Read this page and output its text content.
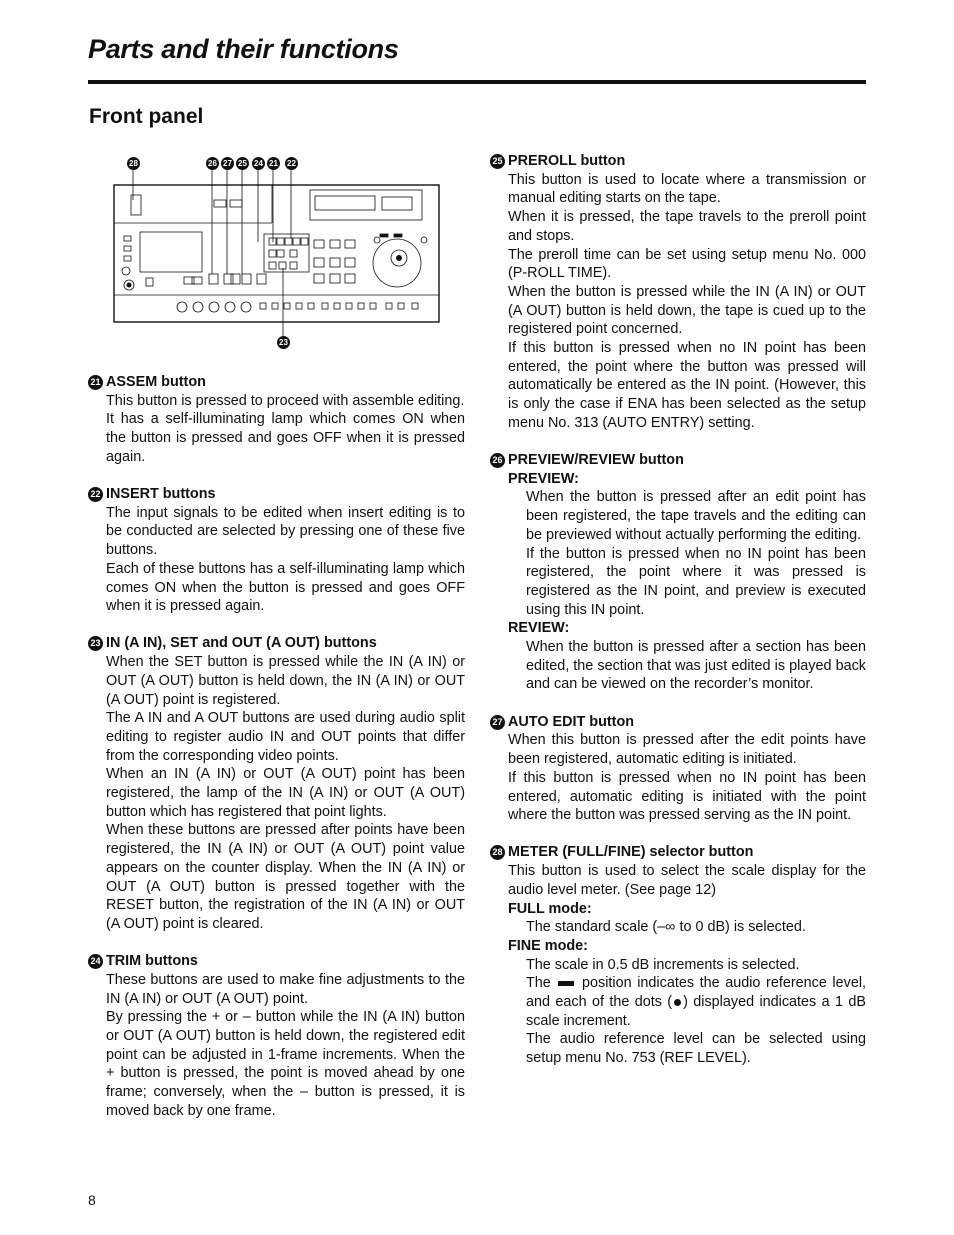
Parts and their functions
Front panel
28	26 27 25 24 21 22
23
21 ASSEM button

This button is pressed to proceed with assemble editing.

It has a self-illuminating lamp which comes ON when the button is pressed and goes OFF when it is pressed again.

22 INSERT buttons

The input signals to be edited when insert editing is to be conducted are selected by pressing one of these five buttons.

Each of these buttons has a self-illuminating lamp which comes ON when the button is pressed and goes OFF when it is pressed again.

23 IN (A IN), SET and OUT (A OUT) buttons

When the SET button is pressed while the IN (A IN) or OUT (A OUT) button is held down, the IN (A IN) or OUT (A OUT) point is registered.

The A IN and A OUT buttons are used during audio split editing to register audio IN and OUT points that differ from the corresponding video points.

When an IN (A IN) or OUT (A OUT) point has been registered, the lamp of the IN (A IN) or OUT (A OUT) button which has registered that point lights.

When these buttons are pressed after points have been registered, the IN (A IN) or OUT (A OUT) point value appears on the counter display. When the IN (A IN) or OUT (A OUT) button is pressed together with the RESET button, the registration of the IN (A IN) or OUT (A OUT) point is cleared.

24 TRIM buttons

These buttons are used to make fine adjustments to the IN (A IN) or OUT (A OUT) point.

By pressing the + or – button while the IN (A IN) button or OUT (A OUT) button is held down, the registered edit point can be adjusted in 1-frame increments. When the + button is pressed, the point is moved ahead by one frame; conversely, when the – button is pressed, it is moved back by one frame.

25 PREROLL button

This button is used to locate where a transmission or manual editing starts on the tape.

When it is pressed, the tape travels to the preroll point and stops.

The preroll time can be set using setup menu No. 000 (P-ROLL TIME).

When the button is pressed while the IN (A IN) or OUT (A OUT) button is held down, the tape is cued up to the registered point concerned.

If this button is pressed when no IN point has been entered, the point where the button was pressed will automatically be entered as the IN point. (However, this is only the case if ENA has been selected as the setup menu No. 313 (AUTO ENTRY) setting.

26 PREVIEW/REVIEW button
PREVIEW:

When the button is pressed after an edit point has been registered, the tape travels and the editing can be previewed without actually performing the editing.

If the button is pressed when no IN point has been registered, the point where it was pressed is registered as the IN point, and preview is executed using this IN point.

REVIEW:

When the button is pressed after a section has been edited, the section that was just edited is played back and can be viewed on the recorder’s monitor.

27 AUTO EDIT button

When this button is pressed after the edit points have been registered, automatic editing is initiated.

If this button is pressed when no IN point has been entered, automatic editing is initiated with the point where the button was pressed serving as the IN point.

28 METER (FULL/FINE) selector button

This button is used to select the scale display for the audio level meter. (See page 12)

FULL mode:

The standard scale (–∞ to 0 dB) is selected.

FINE mode:

The scale in 0.5 dB increments is selected.

The position indicates the audio reference level, and each of the dots ( ) displayed indicates a 1 dB scale increment.

The audio reference level can be selected using setup menu No. 753 (REF LEVEL).

8
